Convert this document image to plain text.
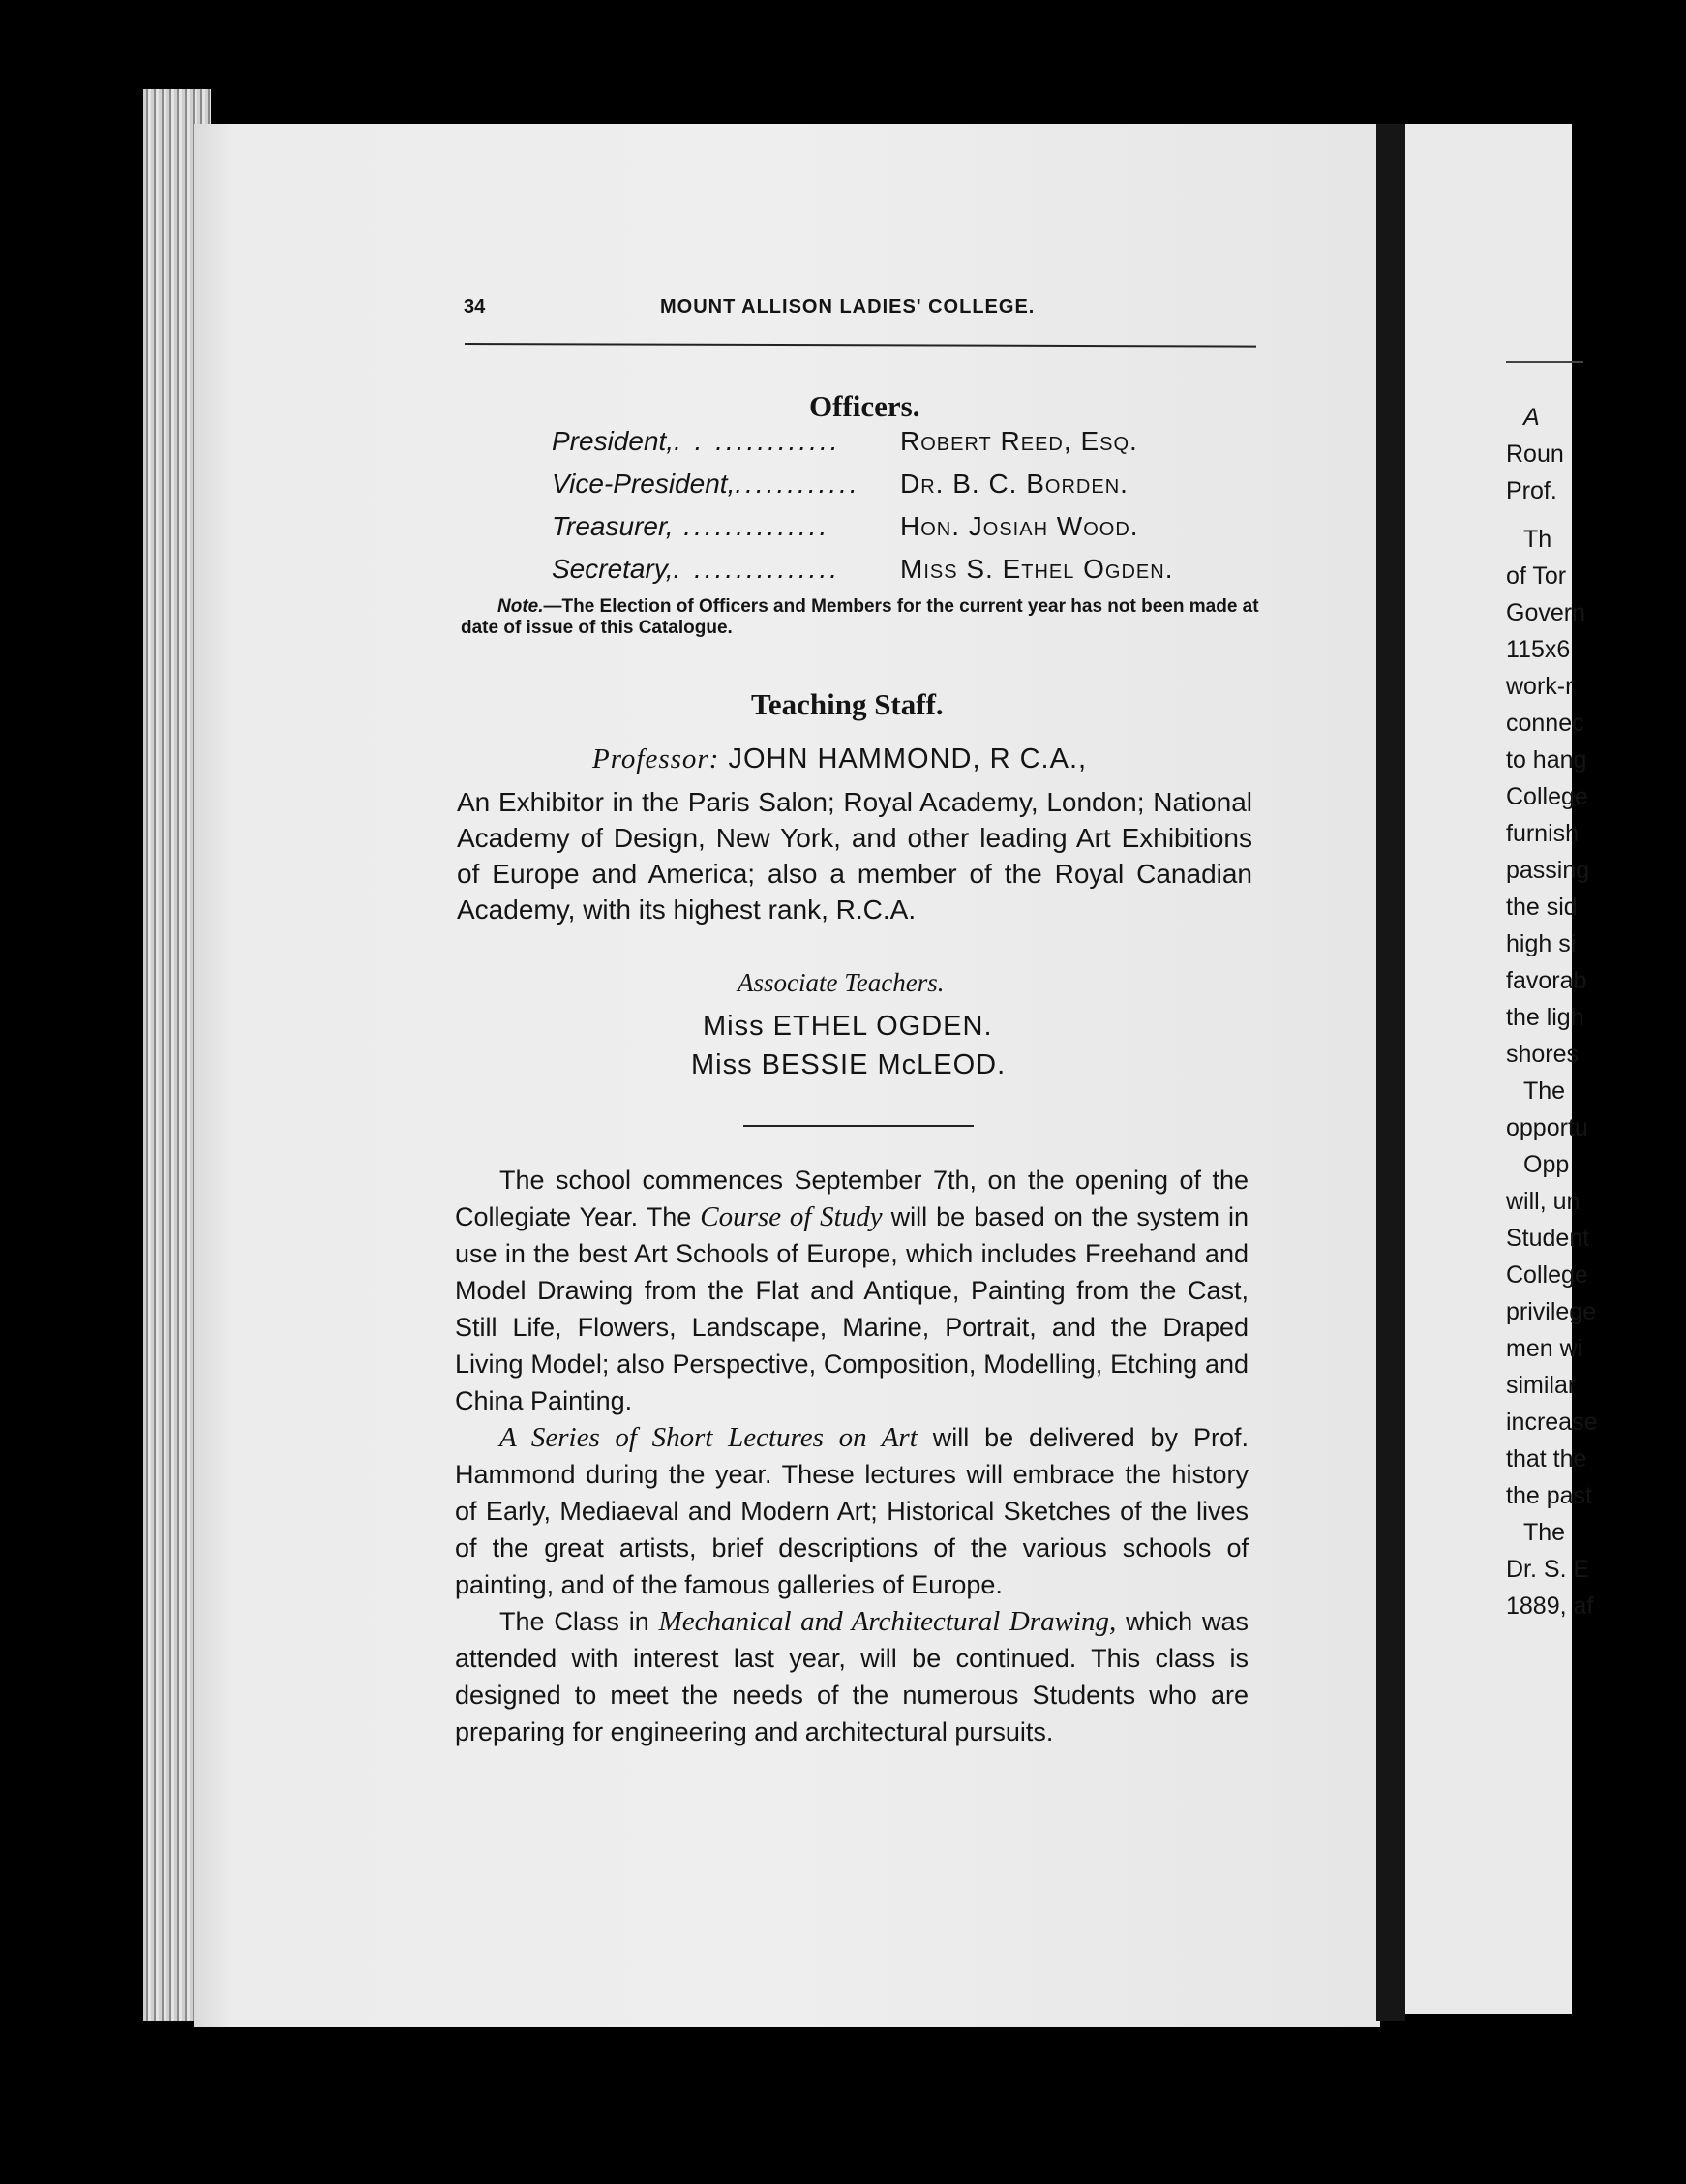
A
Roun
Prof.
Th
of Tor
Govern
115x6
work-r
connec
to hang
College
furnish
passing
the sid
high si
favorab
the ligh
shores
The
opportu
Opp
will, un
Student
College
privilege
men wi
similar
increase
that the
the past
The
Dr. S. E
1889, af
34	MOUNT ALLISON LADIES' COLLEGE.
Officers.
President,. . ............ Robert Reed, Esq.
Vice-President,............ Dr. B. C. Borden.
Treasurer, ..............	Hon. Josiah Wood.
Secretary,. .............. Miss S. Ethel Ogden.
Note.—The Election of Officers and Members for the current year has not been made at date of issue of this Catalogue.
Teaching Staff.
Professor: JOHN HAMMOND, R C.A.,
An Exhibitor in the Paris Salon; Royal Academy, London; National Academy of Design, New York, and other leading Art Exhibitions of Europe and America; also a member of the Royal Canadian Academy, with its highest rank, R.C.A.
Associate Teachers.
Miss ETHEL OGDEN.
Miss BESSIE McLEOD.

The school commences September 7th, on the opening of the Collegiate Year. The Course of Study will be based on the system in use in the best Art Schools of Europe, which includes Freehand and Model Drawing from the Flat and Antique, Painting from the Cast, Still Life, Flowers, Landscape, Marine, Portrait, and the Draped Living Model; also Perspective, Composition, Modelling, Etching and China Painting.

A Series of Short Lectures on Art will be delivered by Prof. Hammond during the year. These lectures will embrace the history of Early, Mediaeval and Modern Art; Historical Sketches of the lives of the great artists, brief descriptions of the various schools of painting, and of the famous galleries of Europe.

The Class in Mechanical and Architectural Drawing, which was attended with interest last year, will be continued. This class is designed to meet the needs of the numerous Students who are preparing for engineering and architectural pursuits.
